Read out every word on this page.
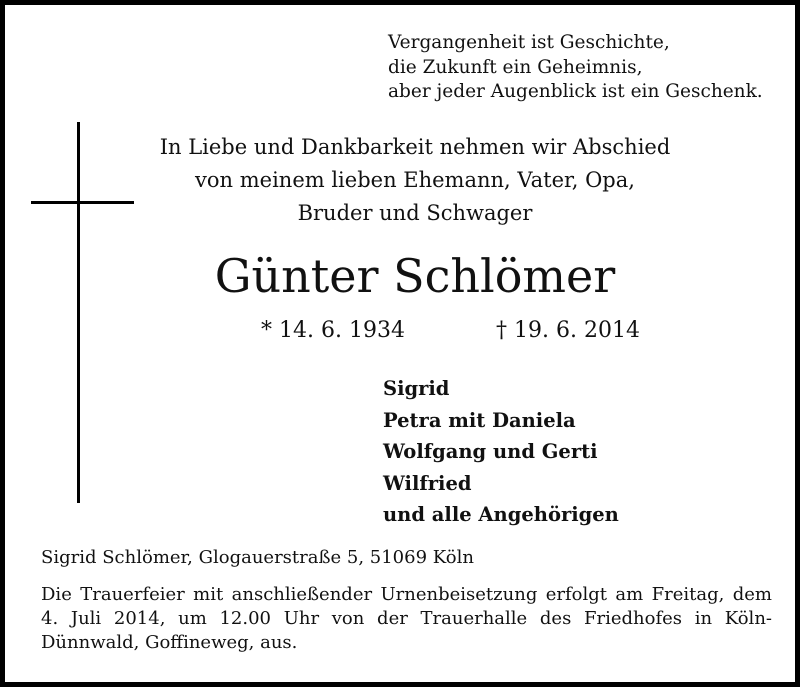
Vergangenheit ist Geschichte,
die Zukunft ein Geheimnis,
aber jeder Augenblick ist ein Geschenk.
In Liebe und Dankbarkeit nehmen wir Abschied
von meinem lieben Ehemann, Vater, Opa,
Bruder und Schwager
Günter Schlömer
* 14. 6. 1934	† 19. 6. 2014
Sigrid
Petra mit Daniela
Wolfgang und Gerti
Wilfried
und alle Angehörigen
Sigrid Schlömer, Glogauerstraße 5, 51069 Köln
Die Trauerfeier mit anschließender Urnenbeisetzung erfolgt am Freitag, dem
4. Juli 2014, um 12.00 Uhr von der Trauerhalle des Friedhofes in Köln-
Dünnwald, Goffineweg, aus.
